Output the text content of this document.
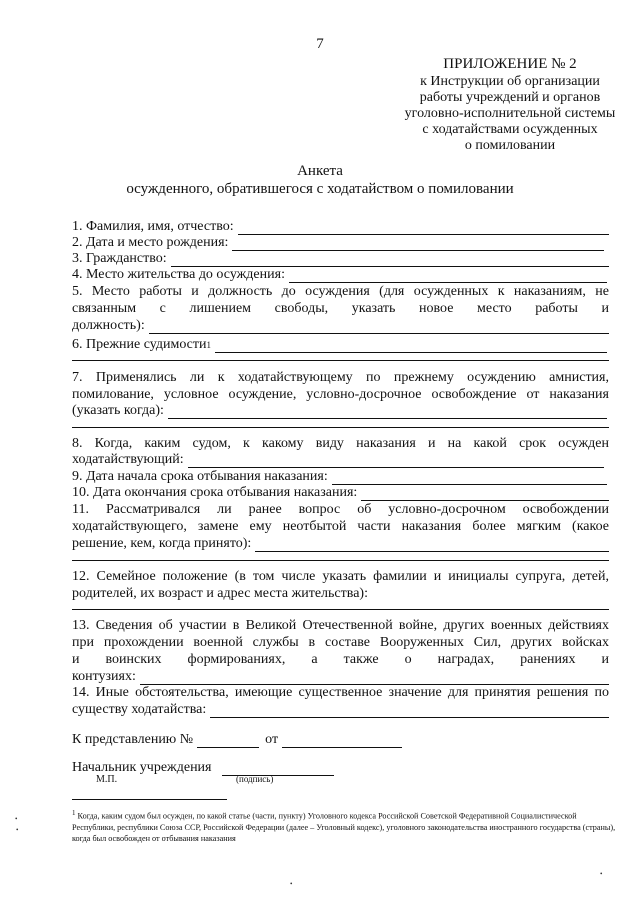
7
ПРИЛОЖЕНИЕ № 2
к Инструкции об организации
работы учреждений и органов
уголовно-исполнительной системы
с ходатайствами осужденных
о помиловании
Анкета
осужденного, обратившегося с ходатайством о помиловании
1. Фамилия, имя, отчество:
2. Дата и место рождения:
3. Гражданство:
4. Место жительства до осуждения:
5. Место работы и должность до осуждения (для осужденных к наказаниям, не
связанным с лишением свободы, указать новое место работы и
должность):
6. Прежние судимости 1
7. Применялись ли к ходатайствующему по прежнему осуждению амнистия,
помилование, условное осуждение, условно-досрочное освобождение от наказания
(указать когда):
8. Когда, каким судом, к какому виду наказания и на какой срок осужден
ходатайствующий:
9. Дата начала срока отбывания наказания:
10. Дата окончания срока отбывания наказания:
11. Рассматривался ли ранее вопрос об условно-досрочном освобождении
ходатайствующего, замене ему неотбытой части наказания более мягким (какое
решение, кем, когда принято):
12. Семейное положение (в том числе указать фамилии и инициалы супруга, детей,
родителей, их возраст и адрес места жительства):
13. Сведения об участии в Великой Отечественной войне, других военных действиях
при прохождении военной службы в составе Вооруженных Сил, других войсках
и воинских формированиях, а также о наградах, ранениях и
контузиях:
14. Иные обстоятельства, имеющие существенное значение для принятия решения по
существу ходатайства:
К представлению №	от
Начальник учреждения
М.П.	(подпись)
$^1$ Когда, каким судом был осужден, по какой статье (части, пункту) Уголовного кодекса Российской Советской Федеративной Социалистической Республики, республики Союза ССР, Российской Федерации (далее – Уголовный кодекс), уголовного законодательства иностранного государства (страны), когда был освобожден от отбывания наказания
•
•
•
•
